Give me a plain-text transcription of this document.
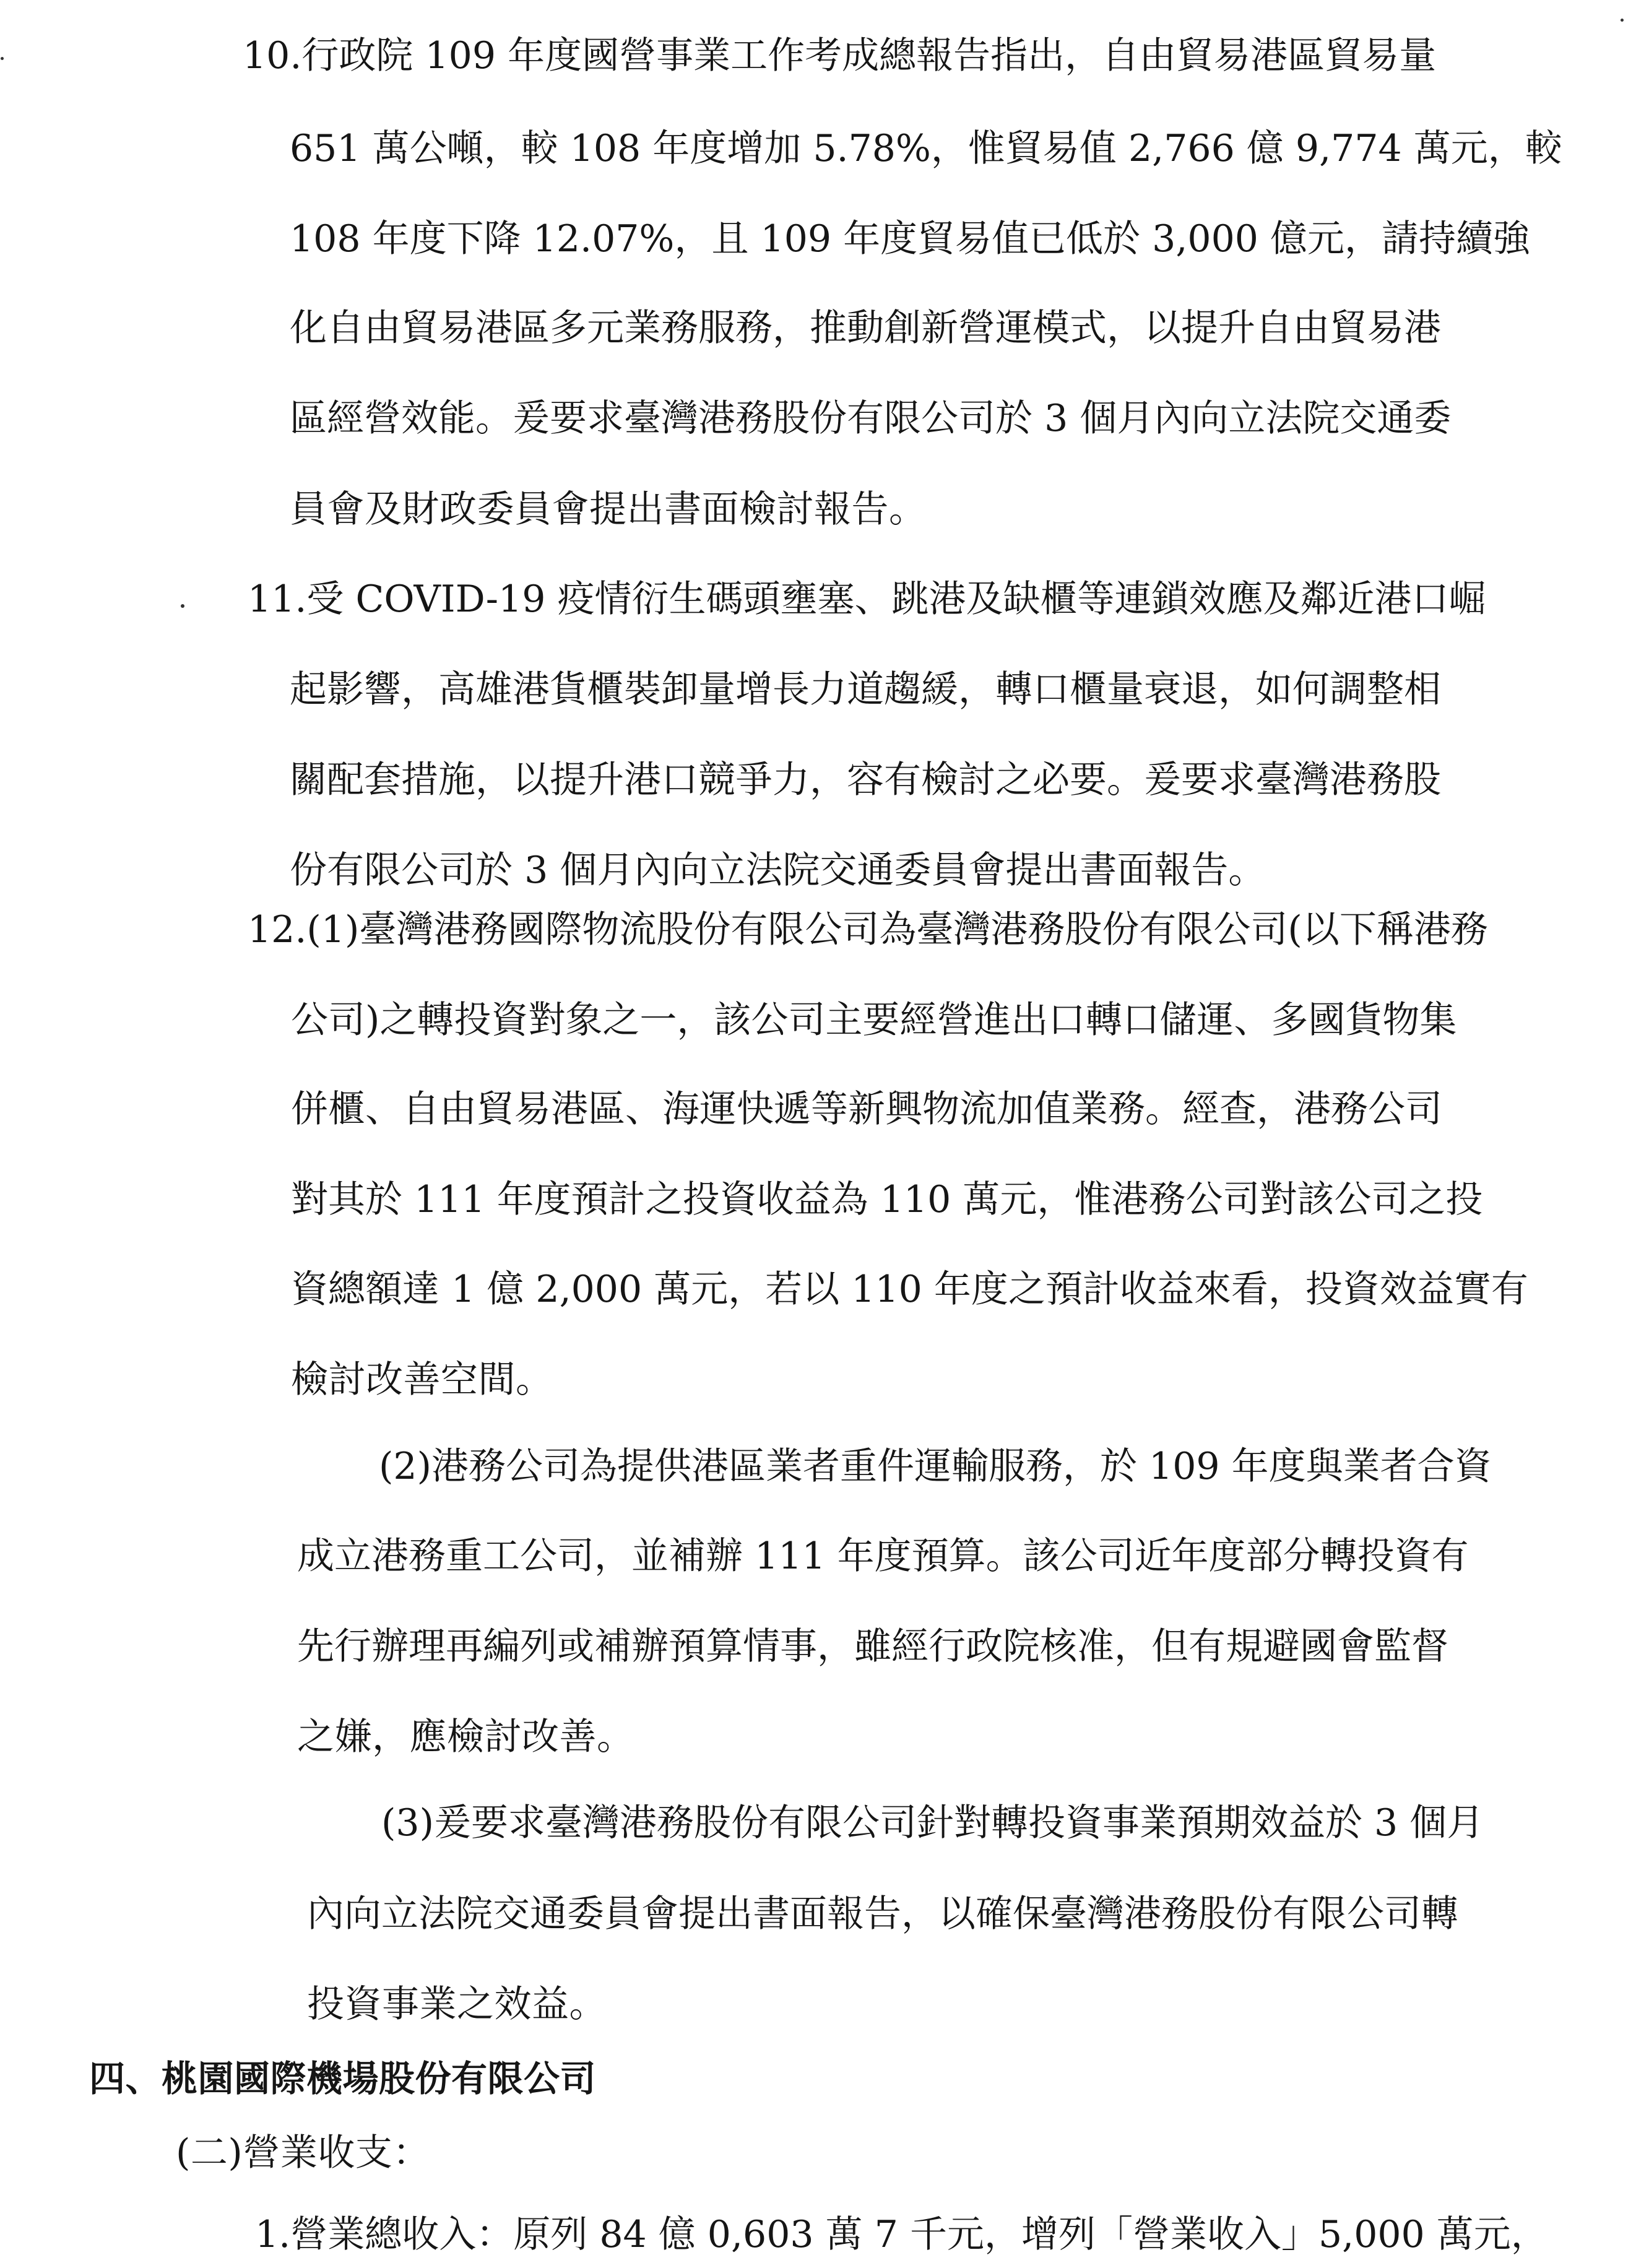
10.行政院 109 年度國營事業工作考成總報告指出，自由貿易港區貿易量
651 萬公噸，較 108 年度增加 5.78%，惟貿易值 2,766 億 9,774 萬元，較
108 年度下降 12.07%，且 109 年度貿易值已低於 3,000 億元，請持續強
化自由貿易港區多元業務服務，推動創新營運模式，以提升自由貿易港
區經營效能。爰要求臺灣港務股份有限公司於 3 個月內向立法院交通委
員會及財政委員會提出書面檢討報告。
11.受 COVID-19 疫情衍生碼頭壅塞、跳港及缺櫃等連鎖效應及鄰近港口崛
起影響，高雄港貨櫃裝卸量增長力道趨緩，轉口櫃量衰退，如何調整相
關配套措施，以提升港口競爭力，容有檢討之必要。爰要求臺灣港務股
份有限公司於 3 個月內向立法院交通委員會提出書面報告。
12.(1)臺灣港務國際物流股份有限公司為臺灣港務股份有限公司(以下稱港務
公司)之轉投資對象之一，該公司主要經營進出口轉口儲運、多國貨物集
併櫃、自由貿易港區、海運快遞等新興物流加值業務。經查，港務公司
對其於 111 年度預計之投資收益為 110 萬元，惟港務公司對該公司之投
資總額達 1 億 2,000 萬元，若以 110 年度之預計收益來看，投資效益實有
檢討改善空間。
(2)港務公司為提供港區業者重件運輸服務，於 109 年度與業者合資
成立港務重工公司，並補辦 111 年度預算。該公司近年度部分轉投資有
先行辦理再編列或補辦預算情事，雖經行政院核准，但有規避國會監督
之嫌，應檢討改善。
(3)爰要求臺灣港務股份有限公司針對轉投資事業預期效益於 3 個月
內向立法院交通委員會提出書面報告，以確保臺灣港務股份有限公司轉
投資事業之效益。
四、桃園國際機場股份有限公司
(二)營業收支：
1.營業總收入：原列 84 億 0,603 萬 7 千元，增列「營業收入」5,000 萬元，
